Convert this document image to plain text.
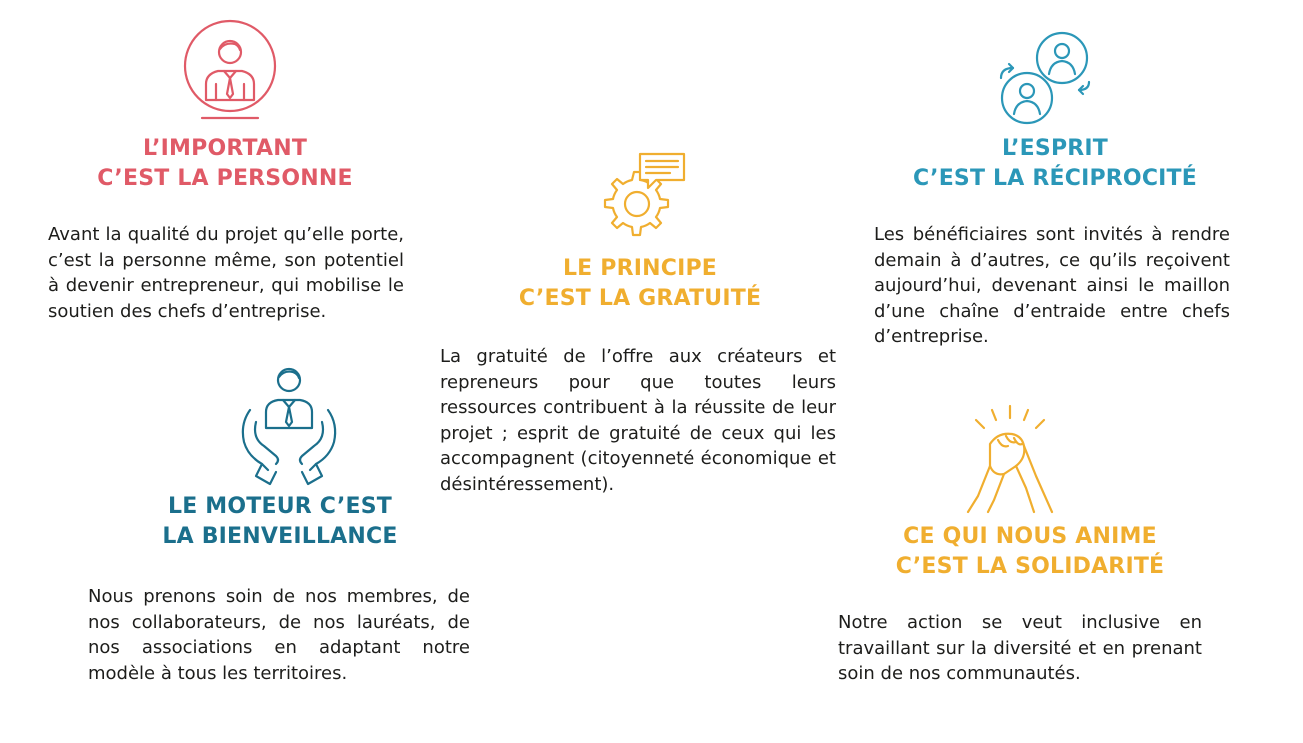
L’IMPORTANT
C’EST LA PERSONNE
Avant la qualité du projet qu’elle porte, c’est la personne même, son potentiel à devenir entrepreneur, qui mobilise le soutien des chefs d’entreprise.
LE PRINCIPE
C’EST LA GRATUITÉ
La gratuité de l’offre aux créateurs et repreneurs pour que toutes leurs ressources contribuent à la réussite de leur projet ; esprit de gratuité de ceux qui les accompagnent (citoyenneté économique et désintéressement).
L’ESPRIT
C’EST LA RÉCIPROCITÉ
Les bénéficiaires sont invités à rendre demain à d’autres, ce qu’ils reçoivent aujourd’hui, devenant ainsi le maillon d’une chaîne d’entraide entre chefs d’entreprise.
LE MOTEUR C’EST
LA BIENVEILLANCE
Nous prenons soin de nos membres, de nos collaborateurs, de nos lauréats, de nos associations en adaptant notre modèle à tous les territoires.
CE QUI NOUS ANIME
C’EST LA SOLIDARITÉ
Notre action se veut inclusive en travaillant sur la diversité et en prenant soin de nos communautés.
